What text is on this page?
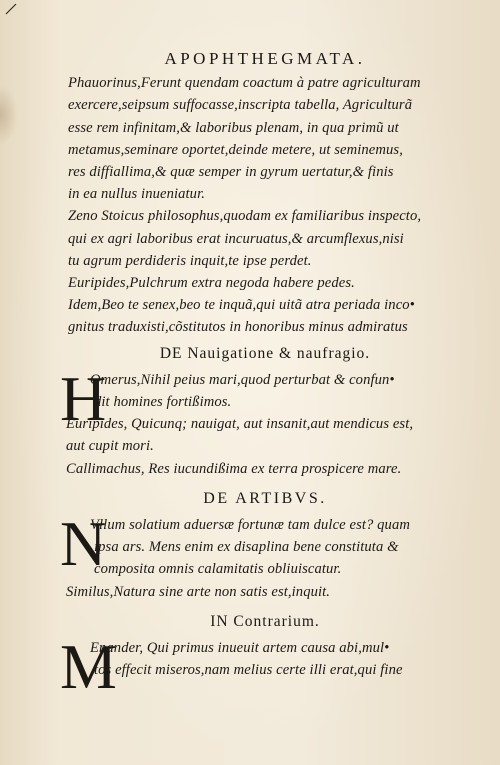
APOPHTHEGMATA.

Phauorinus,Ferunt quendam coactum à patre agriculturam
exercere,seipsum suffocasse,inscripta tabella, Agriculturã
esse rem infinitam,& laboribus plenam, in qua primũ ut
metamus,seminare oportet,deinde metere, ut seminemus,
res diffiallima,& quæ semper in gyrum uertatur,& finis
in ea nullus inueniatur.
Zeno Stoicus philosophus,quodam ex familiaribus inspecto,
qui ex agri laboribus erat incuruatus,& arcumflexus,nisi
tu agrum perdideris inquit,te ipse perdet.
Euripides,Pulchrum extra negoda habere pedes.
Idem,Beo te senex,beo te inquã,qui uitã atra periada inco•
gnitus traduxisti,cõstitutos in honoribus minus admiratus

DE Nauigatione & naufragio.

H
Omerus,Nihil peius mari,quod perturbat & confun•
dit homines fortißimos.
Euripides, Quicunq; nauigat, aut insanit,aut mendicus est,
aut cupit mori.
Callimachus, Res iucundißima ex terra prospicere mare.

DE ARTIBVS.

N
Vllum solatium aduersæ fortunæ tam dulce est? quam
ipsa ars. Mens enim ex disaplina bene constituta &
composita omnis calamitatis obliuiscatur.
Similus,Natura sine arte non satis est,inquit.

IN Contrarium.

M
Enander, Qui primus inueuit artem causa abi,mul•
tos effecit miseros,nam melius certe illi erat,qui fine
